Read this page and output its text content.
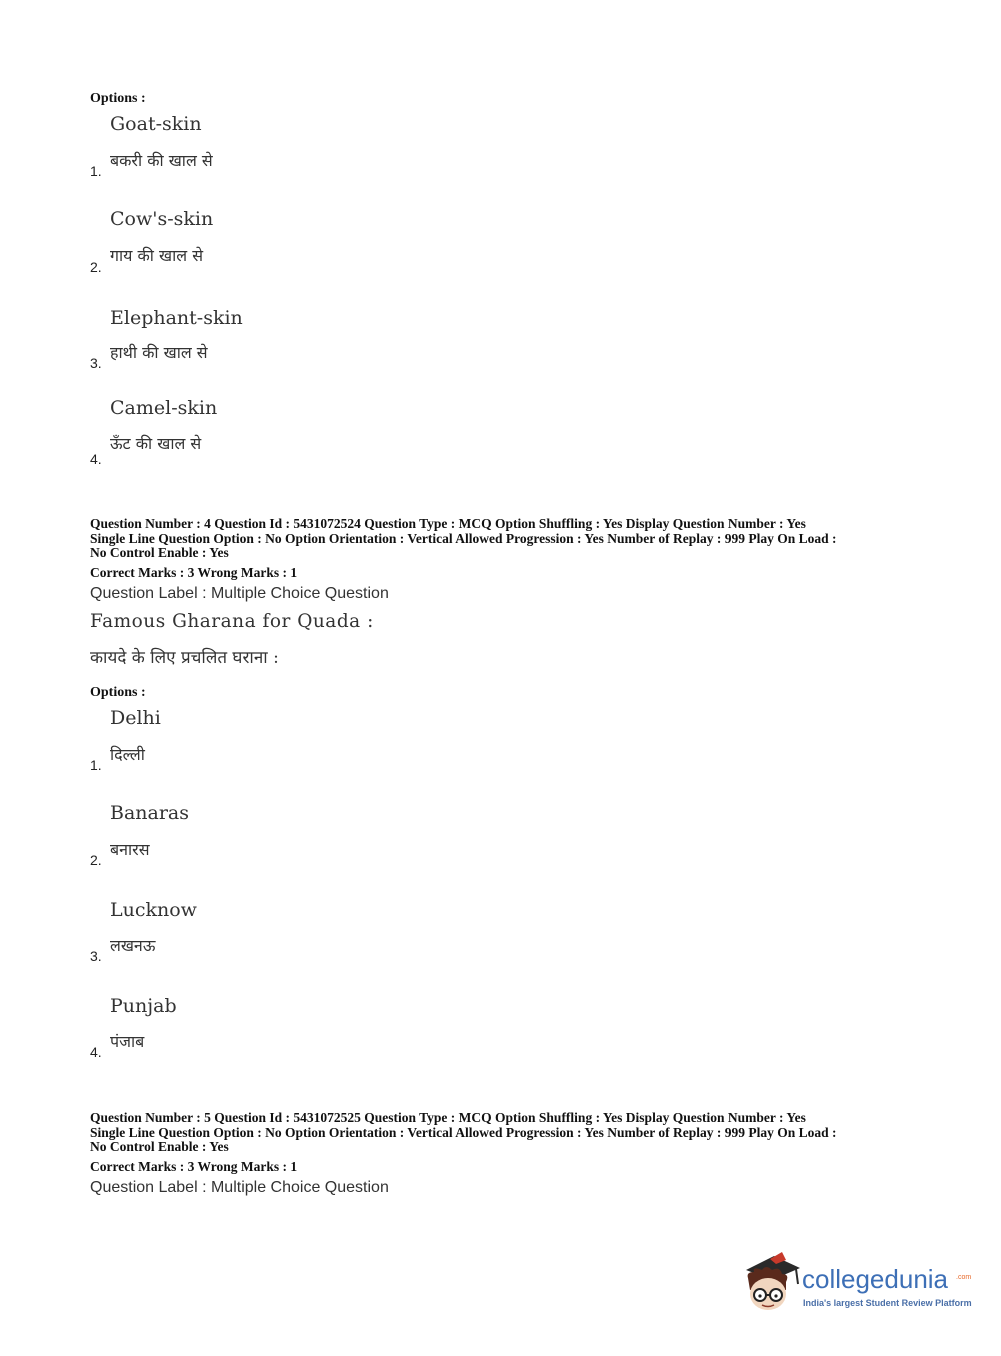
Options :
Goat-skin
बकरी की खाल से
1.
Cow's-skin
गाय की खाल से
2.
Elephant-skin
हाथी की खाल से
3.
Camel-skin
ऊँट की खाल से
4.
Question Number : 4 Question Id : 5431072524 Question Type : MCQ Option Shuffling : Yes Display Question Number : Yes
Single Line Question Option : No Option Orientation : Vertical Allowed Progression : Yes Number of Replay : 999 Play On Load :
No Control Enable : Yes
Correct Marks : 3 Wrong Marks : 1
Question Label : Multiple Choice Question
Famous Gharana for Quada :
कायदे के लिए प्रचलित घराना :
Options :
Delhi
दिल्ली
1.
Banaras
बनारस
2.
Lucknow
लखनऊ
3.
Punjab
पंजाब
4.
Question Number : 5 Question Id : 5431072525 Question Type : MCQ Option Shuffling : Yes Display Question Number : Yes
Single Line Question Option : No Option Orientation : Vertical Allowed Progression : Yes Number of Replay : 999 Play On Load :
No Control Enable : Yes
Correct Marks : 3 Wrong Marks : 1
Question Label : Multiple Choice Question
collegedunia .com
India's largest Student Review Platform
